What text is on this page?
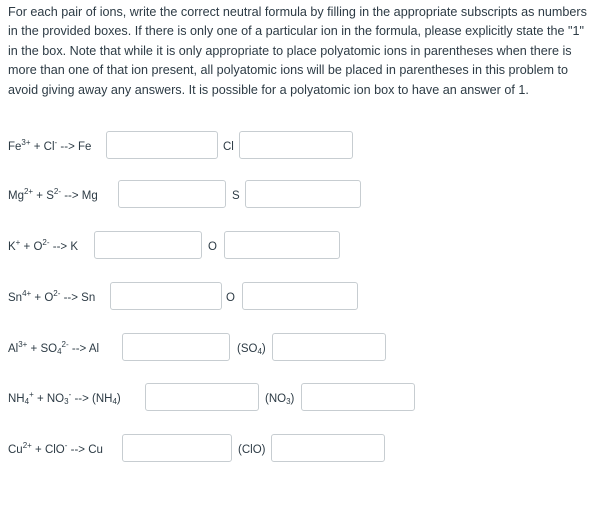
For each pair of ions, write the correct neutral formula by filling in the appropriate subscripts as numbers in the provided boxes. If there is only one of a particular ion in the formula, please explicitly state the "1" in the box. Note that while it is only appropriate to place polyatomic ions in parentheses when there is more than one of that ion present, all polyatomic ions will be placed in parentheses in this problem to avoid giving away any answers. It is possible for a polyatomic ion box to have an answer of 1.

$Fe^{3+} + Cl^-$ --> Fe	Cl
$Mg^{2+} + S^{2-}$ --> Mg	S
$K^+ + O^{2-}$ --> K	O
$Sn^{4+} + O^{2-}$ --> Sn	O
$Al^{3+} + SO_4^{2-}$ --> Al	$(SO_4)$
$NH_4^+ + NO_3^-$ --> $(NH_4)$	$(NO_3)$
$Cu^{2+} + ClO^-$ --> Cu	(ClO)
